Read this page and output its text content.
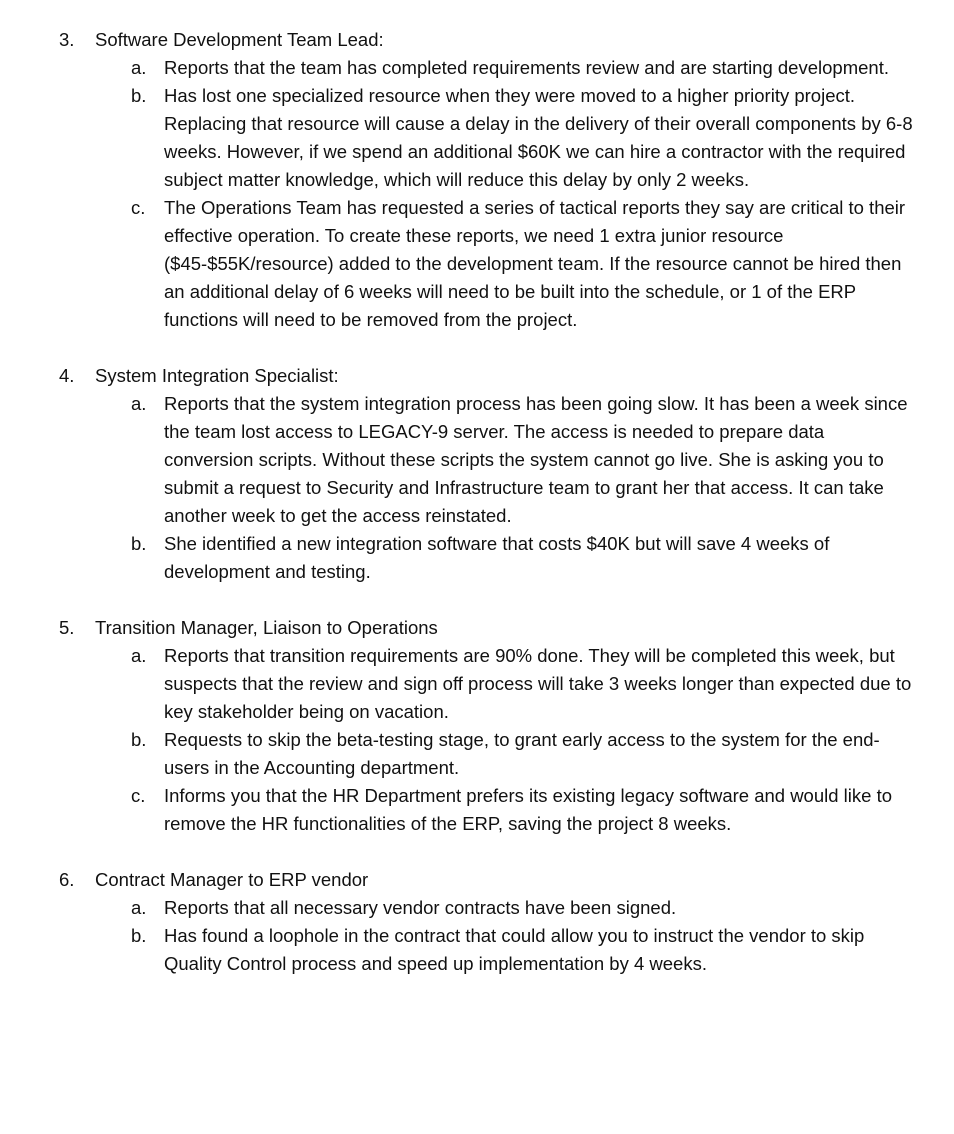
3. Software Development Team Lead:
a. Reports that the team has completed requirements review and are starting development.
b. Has lost one specialized resource when they were moved to a higher priority project. Replacing that resource will cause a delay in the delivery of their overall components by 6-8 weeks. However, if we spend an additional $60K we can hire a contractor with the required subject matter knowledge, which will reduce this delay by only 2 weeks.
c. The Operations Team has requested a series of tactical reports they say are critical to their effective operation. To create these reports, we need 1 extra junior resource ($45-$55K/resource) added to the development team. If the resource cannot be hired then an additional delay of 6 weeks will need to be built into the schedule, or 1 of the ERP functions will need to be removed from the project.
4. System Integration Specialist:
a. Reports that the system integration process has been going slow. It has been a week since the team lost access to LEGACY-9 server. The access is needed to prepare data conversion scripts. Without these scripts the system cannot go live. She is asking you to submit a request to Security and Infrastructure team to grant her that access. It can take another week to get the access reinstated.
b. She identified a new integration software that costs $40K but will save 4 weeks of development and testing.
5. Transition Manager, Liaison to Operations
a. Reports that transition requirements are 90% done. They will be completed this week, but suspects that the review and sign off process will take 3 weeks longer than expected due to key stakeholder being on vacation.
b. Requests to skip the beta-testing stage, to grant early access to the system for the end-users in the Accounting department.
c. Informs you that the HR Department prefers its existing legacy software and would like to remove the HR functionalities of the ERP, saving the project 8 weeks.
6. Contract Manager to ERP vendor
a. Reports that all necessary vendor contracts have been signed.
b. Has found a loophole in the contract that could allow you to instruct the vendor to skip Quality Control process and speed up implementation by 4 weeks.
